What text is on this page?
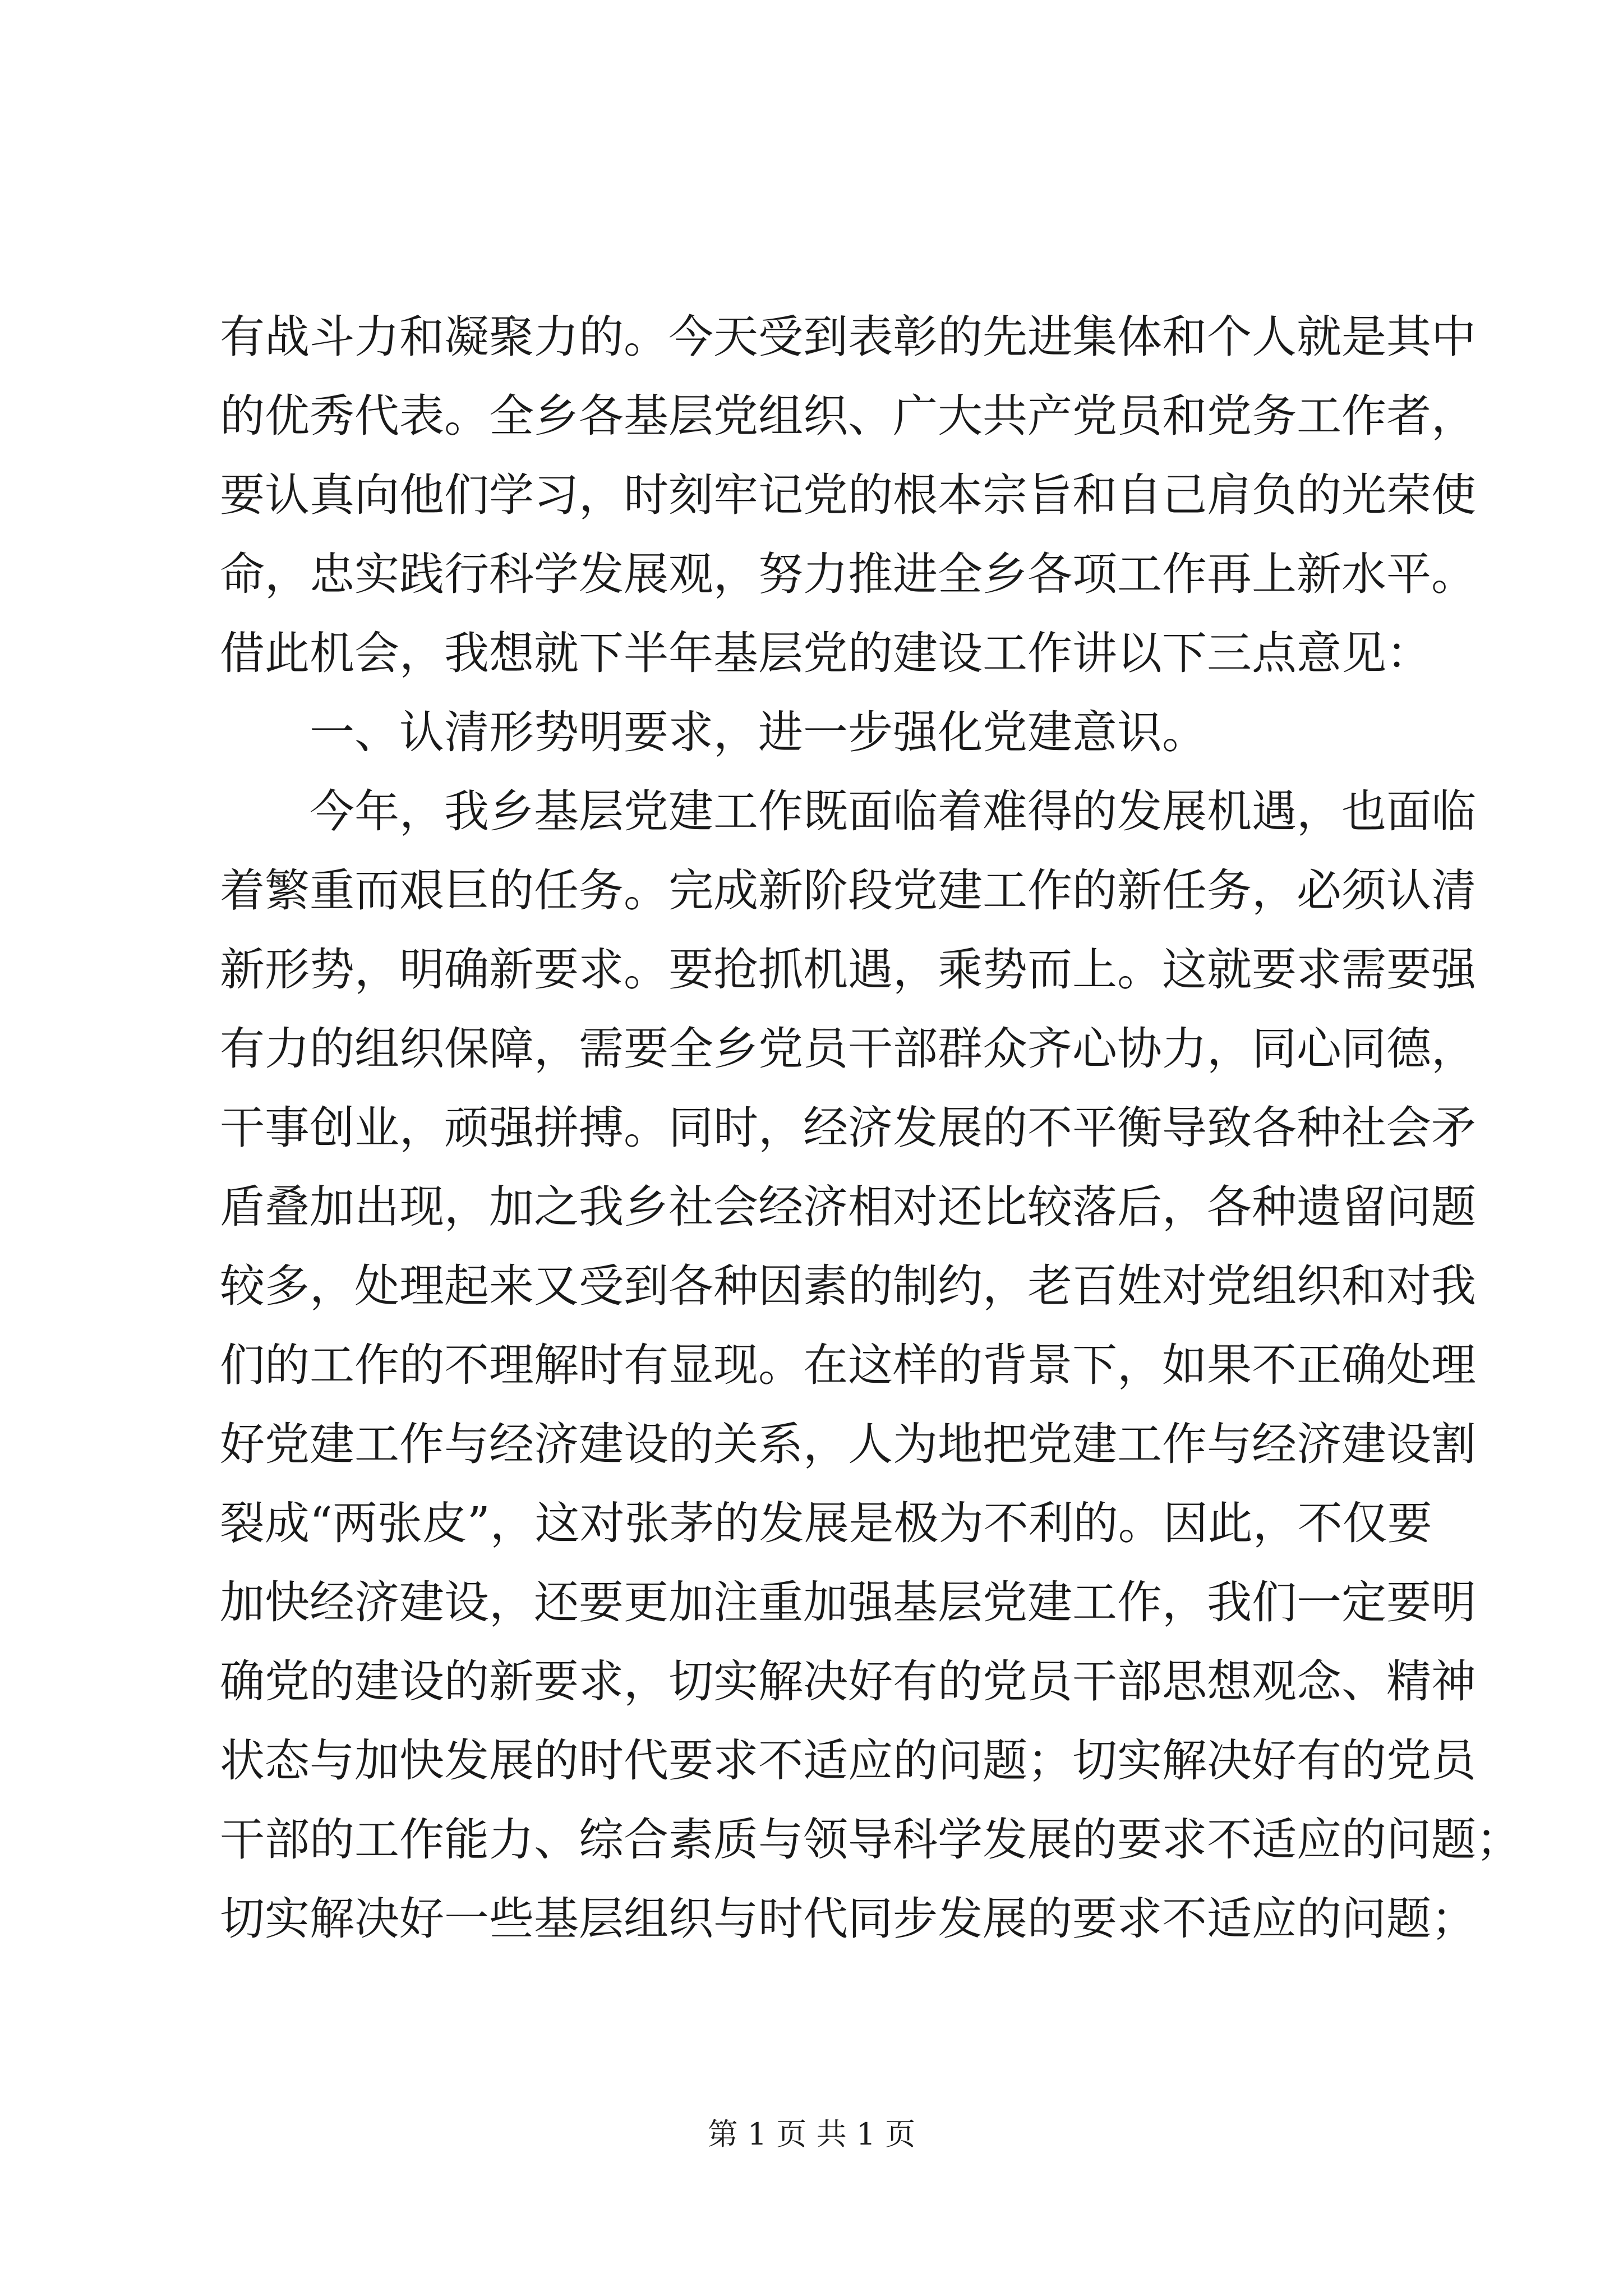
有战斗力和凝聚力的。今天受到表彰的先进集体和个人就是其中
的优秀代表。全乡各基层党组织、广大共产党员和党务工作者，
要认真向他们学习，时刻牢记党的根本宗旨和自己肩负的光荣使
命，忠实践行科学发展观，努力推进全乡各项工作再上新水平。
借此机会，我想就下半年基层党的建设工作讲以下三点意见：
一、认清形势明要求，进一步强化党建意识。
今年，我乡基层党建工作既面临着难得的发展机遇，也面临
着繁重而艰巨的任务。完成新阶段党建工作的新任务，必须认清
新形势，明确新要求。要抢抓机遇，乘势而上。这就要求需要强
有力的组织保障，需要全乡党员干部群众齐心协力，同心同德，
干事创业，顽强拼搏。同时，经济发展的不平衡导致各种社会矛
盾叠加出现，加之我乡社会经济相对还比较落后，各种遗留问题
较多，处理起来又受到各种因素的制约，老百姓对党组织和对我
们的工作的不理解时有显现。在这样的背景下，如果不正确处理
好党建工作与经济建设的关系，人为地把党建工作与经济建设割
裂成“两张皮”，这对张茅的发展是极为不利的。因此，不仅要
加快经济建设，还要更加注重加强基层党建工作，我们一定要明
确党的建设的新要求，切实解决好有的党员干部思想观念、精神
状态与加快发展的时代要求不适应的问题；切实解决好有的党员
干部的工作能力、综合素质与领导科学发展的要求不适应的问题；
切实解决好一些基层组织与时代同步发展的要求不适应的问题；
第 1 页 共 1 页
